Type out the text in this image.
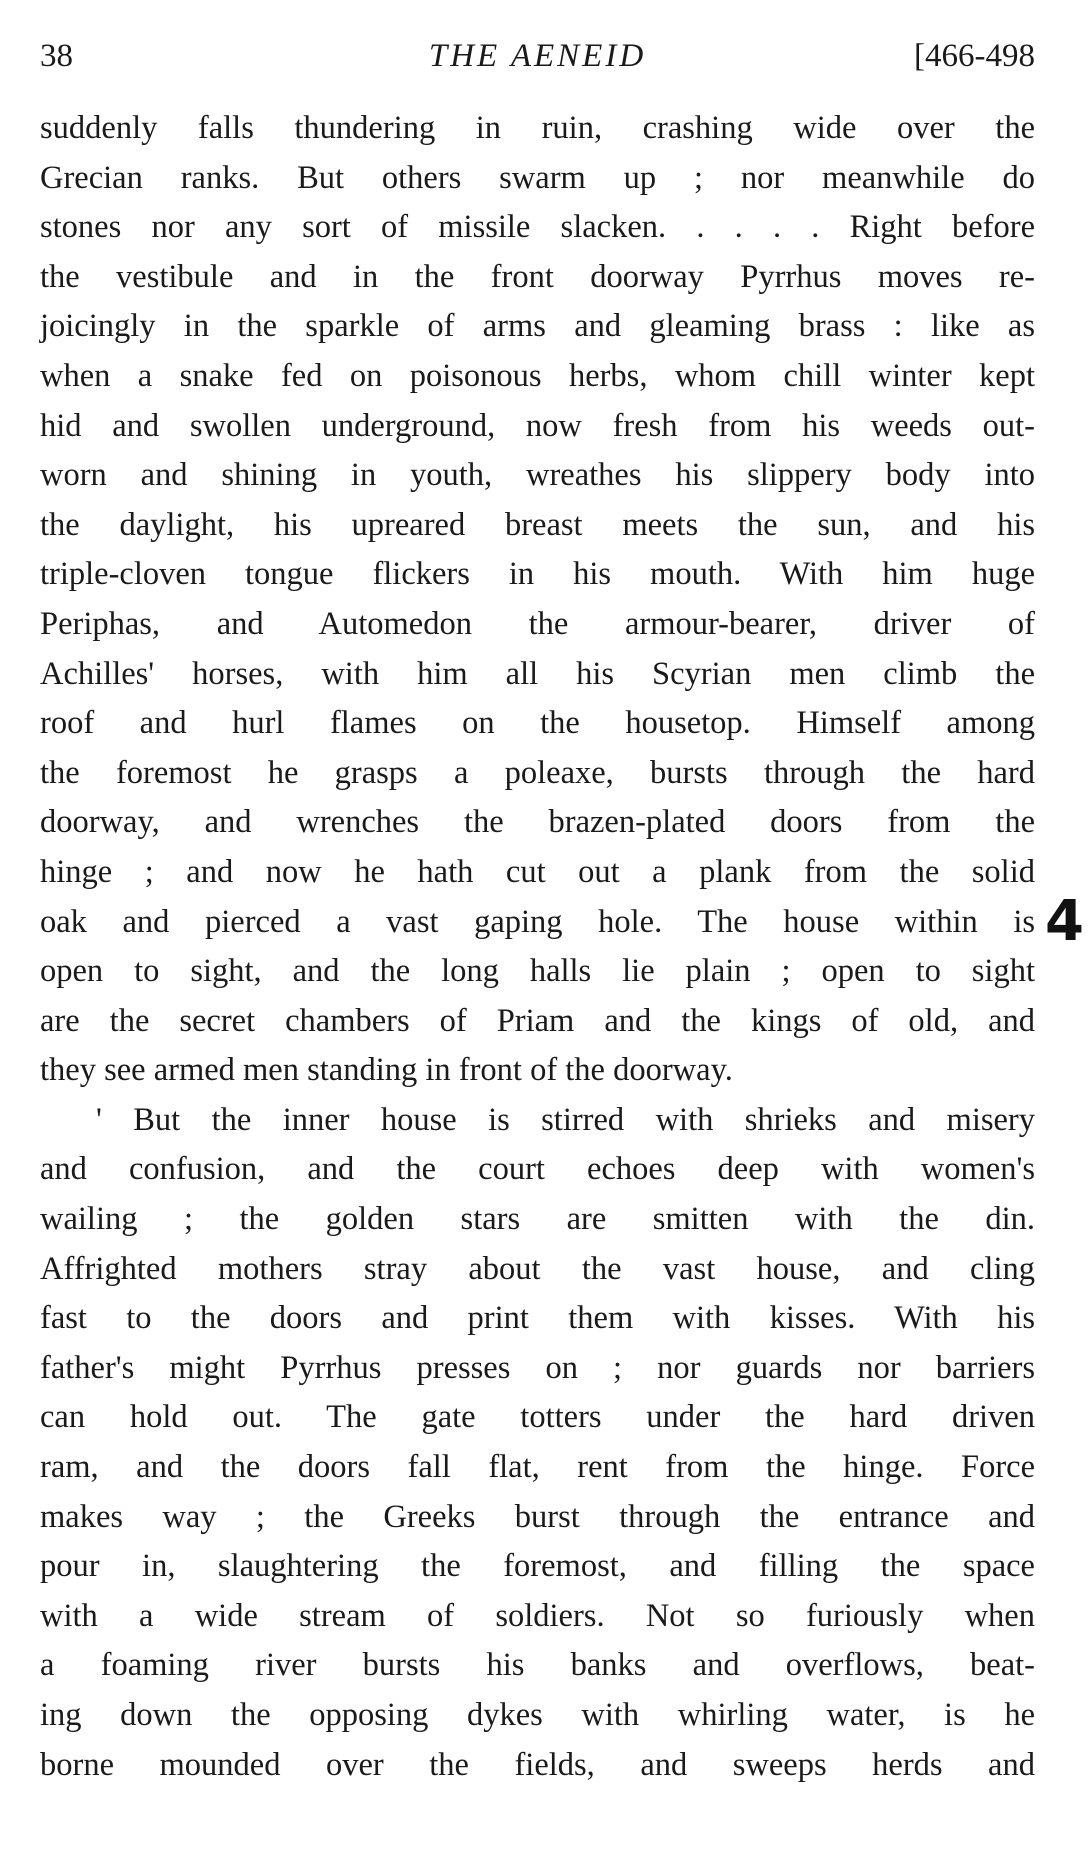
38	THE AENEID	[466-498
suddenly falls thundering in ruin, crashing wide over the
Grecian ranks. But others swarm up ; nor meanwhile do
stones nor any sort of missile slacken. . . . . Right before
the vestibule and in the front doorway Pyrrhus moves re-
joicingly in the sparkle of arms and gleaming brass : like as
when a snake fed on poisonous herbs, whom chill winter kept
hid and swollen underground, now fresh from his weeds out-
worn and shining in youth, wreathes his slippery body into
the daylight, his upreared breast meets the sun, and his
triple-cloven tongue flickers in his mouth. With him huge
Periphas, and Automedon the armour-bearer, driver of
Achilles' horses, with him all his Scyrian men climb the
roof and hurl flames on the housetop. Himself among
the foremost he grasps a poleaxe, bursts through the hard
doorway, and wrenches the brazen-plated doors from the
hinge ; and now he hath cut out a plank from the solid
oak and pierced a vast gaping hole. The house within is
open to sight, and the long halls lie plain ; open to sight
are the secret chambers of Priam and the kings of old, and
they see armed men standing in front of the doorway.
' But the inner house is stirred with shrieks and misery
and confusion, and the court echoes deep with women's
wailing ; the golden stars are smitten with the din.
Affrighted mothers stray about the vast house, and cling
fast to the doors and print them with kisses. With his
father's might Pyrrhus presses on ; nor guards nor barriers
can hold out. The gate totters under the hard driven
ram, and the doors fall flat, rent from the hinge. Force
makes way ; the Greeks burst through the entrance and
pour in, slaughtering the foremost, and filling the space
with a wide stream of soldiers. Not so furiously when
a foaming river bursts his banks and overflows, beat-
ing down the opposing dykes with whirling water, is he
borne mounded over the fields, and sweeps herds and
4
